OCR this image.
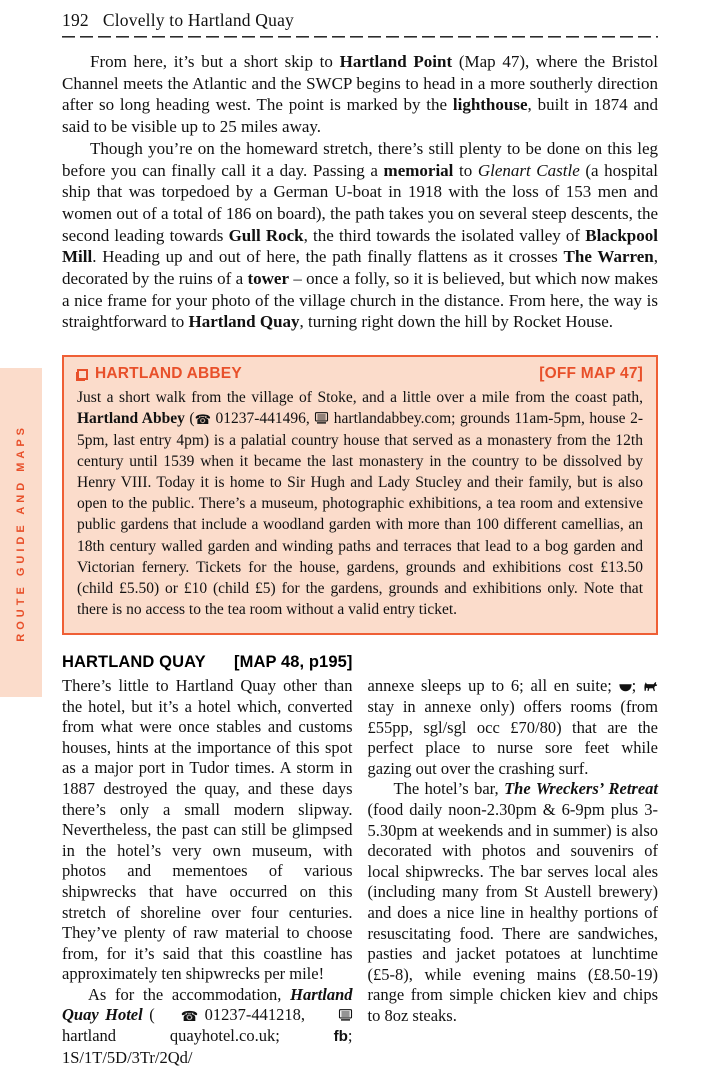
192 Clovelly to Hartland Quay

From here, it’s but a short skip to Hartland Point (Map 47), where the Bristol Channel meets the Atlantic and the SWCP begins to head in a more southerly direction after so long heading west. The point is marked by the lighthouse, built in 1874 and said to be visible up to 25 miles away.

Though you’re on the homeward stretch, there’s still plenty to be done on this leg before you can finally call it a day. Passing a memorial to Glenart Castle (a hospital ship that was torpedoed by a German U-boat in 1918 with the loss of 153 men and women out of a total of 186 on board), the path takes you on several steep descents, the second leading towards Gull Rock, the third towards the isolated valley of Blackpool Mill. Heading up and out of here, the path finally flattens as it crosses The Warren, decorated by the ruins of a tower – once a folly, so it is believed, but which now makes a nice frame for your photo of the village church in the distance. From here, the way is straightforward to Hartland Quay, turning right down the hill by Rocket House.

HARTLAND ABBEY	[OFF MAP 47]
Just a short walk from the village of Stoke, and a little over a mile from the coast path, Hartland Abbey (☎ 01237-441496,  hartlandabbey.com; grounds 11am-5pm, house 2-5pm, last entry 4pm) is a palatial country house that served as a monastery from the 12th century until 1539 when it became the last monastery in the country to be dissolved by Henry VIII. Today it is home to Sir Hugh and Lady Stucley and their family, but is also open to the public. There’s a museum, photographic exhibitions, a tea room and extensive public gardens that include a woodland garden with more than 100 different camellias, an 18th century walled garden and winding paths and terraces that lead to a bog garden and Victorian fernery. Tickets for the house, gardens, grounds and exhibitions cost £13.50 (child £5.50) or £10 (child £5) for the gardens, grounds and exhibitions only. Note that there is no access to the tea room without a valid entry ticket.
HARTLAND QUAY [MAP 48, p195]

There’s little to Hartland Quay other than the hotel, but it’s a hotel which, converted from what were once stables and customs houses, hints at the importance of this spot as a major port in Tudor times. A storm in 1887 destroyed the quay, and these days there’s only a small modern slipway. Nevertheless, the past can still be glimpsed in the hotel’s very own museum, with photos and mementoes of various shipwrecks that have occurred on this stretch of shoreline over four centuries. They’ve plenty of raw material to choose from, for it’s said that this coastline has approximately ten shipwrecks per mile!

As for the accommodation, Hartland Quay Hotel ( ☎ 01237-441218,  hartland quayhotel.co.uk; fb; 1S/1T/5D/3Tr/2Qd/

annexe sleeps up to 6; all en suite; ;  stay in annexe only) offers rooms (from £55pp, sgl/sgl occ £70/80) that are the perfect place to nurse sore feet while gazing out over the crashing surf.

The hotel’s bar, The Wreckers’ Retreat (food daily noon-2.30pm & 6-9pm plus 3-5.30pm at weekends and in summer) is also decorated with photos and souvenirs of local shipwrecks. The bar serves local ales (including many from St Austell brewery) and does a nice line in healthy portions of resuscitating food. There are sandwiches, pasties and jacket potatoes at lunchtime (£5-8), while evening mains (£8.50-19) range from simple chicken kiev and chips to 8oz steaks.

ROUTE GUIDE AND MAPS
